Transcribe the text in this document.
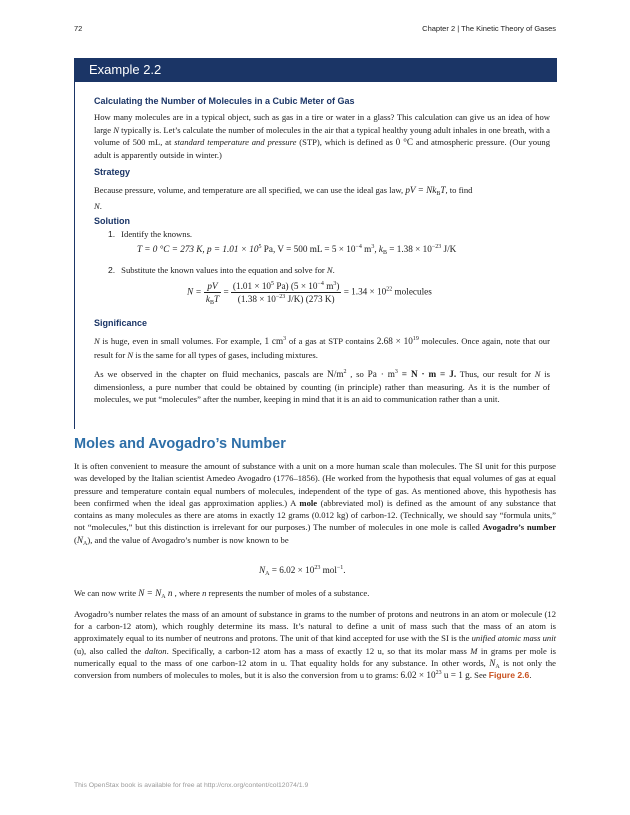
72	Chapter 2 | The Kinetic Theory of Gases
Example 2.2
Calculating the Number of Molecules in a Cubic Meter of Gas

How many molecules are in a typical object, such as gas in a tire or water in a glass? This calculation can give us an idea of how large N typically is. Let’s calculate the number of molecules in the air that a typical healthy young adult inhales in one breath, with a volume of 500 mL, at standard temperature and pressure (STP), which is defined as 0 °C and atmospheric pressure. (Our young adult is apparently outside in winter.)

Strategy

Because pressure, volume, and temperature are all specified, we can use the ideal gas law, pV = $Nk_BT$, to find
N.

Solution
1. Identify the knowns.
T = 0 °C = 273 K, $p = 1.01 \times 10^5$ Pa, V = 500 mL = $5 \times 10^{-4}$ $m^3$, $k_B = 1.38 \times 10^{-23}$ J/K
2. Substitute the known values into the equation and solve for N.
$N = \frac{pV}{k_BT} = \frac{(1.01 \times 10^5 Pa) (5 \times 10^{-4} m^3)}{(1.38 \times 10^{-23} J/K) (273 K)} = 1.34 \times 10^{22}$ molecules
Significance

N is huge, even in small volumes. For example, 1 $cm^3$ of a gas at STP contains $2.68 \times 10^{19}$ molecules. Once again, note that our result for N is the same for all types of gases, including mixtures.

As we observed in the chapter on fluid mechanics, pascals are $N/m^2$ , so $Pa \cdot m^3 = N \cdot m = J$. Thus, our result for N is dimensionless, a pure number that could be obtained by counting (in principle) rather than measuring. As it is the number of molecules, we put “molecules” after the number, keeping in mind that it is an aid to communication rather than a unit.

Moles and Avogadro’s Number

It is often convenient to measure the amount of substance with a unit on a more human scale than molecules. The SI unit for this purpose was developed by the Italian scientist Amedeo Avogadro (1776–1856). (He worked from the hypothesis that equal volumes of gas at equal pressure and temperature contain equal numbers of molecules, independent of the type of gas. As mentioned above, this hypothesis has been confirmed when the ideal gas approximation applies.) A mole (abbreviated mol) is defined as the amount of any substance that contains as many molecules as there are atoms in exactly 12 grams (0.012 kg) of carbon-12. (Technically, we should say “formula units,” not “molecules,” but this distinction is irrelevant for our purposes.) The number of molecules in one mole is called Avogadro’s number $(N_A)$, and the value of Avogadro’s number is now known to be

$N_A = 6.02 \times 10^{23}$ mol$^{-1}$.

We can now write $N = N_A$ n , where n represents the number of moles of a substance.

Avogadro’s number relates the mass of an amount of substance in grams to the number of protons and neutrons in an atom or molecule (12 for a carbon-12 atom), which roughly determine its mass. It’s natural to define a unit of mass such that the mass of an atom is approximately equal to its number of neutrons and protons. The unit of that kind accepted for use with the SI is the unified atomic mass unit (u), also called the dalton. Specifically, a carbon-12 atom has a mass of exactly 12 u, so that its molar mass M in grams per mole is numerically equal to the mass of one carbon-12 atom in u. That equality holds for any substance. In other words, $N_A$ is not only the conversion from numbers of molecules to moles, but it is also the conversion from u to grams: $6.02 \times 10^{23}$ u = 1 g. See Figure 2.6.

This OpenStax book is available for free at http://cnx.org/content/col12074/1.9
